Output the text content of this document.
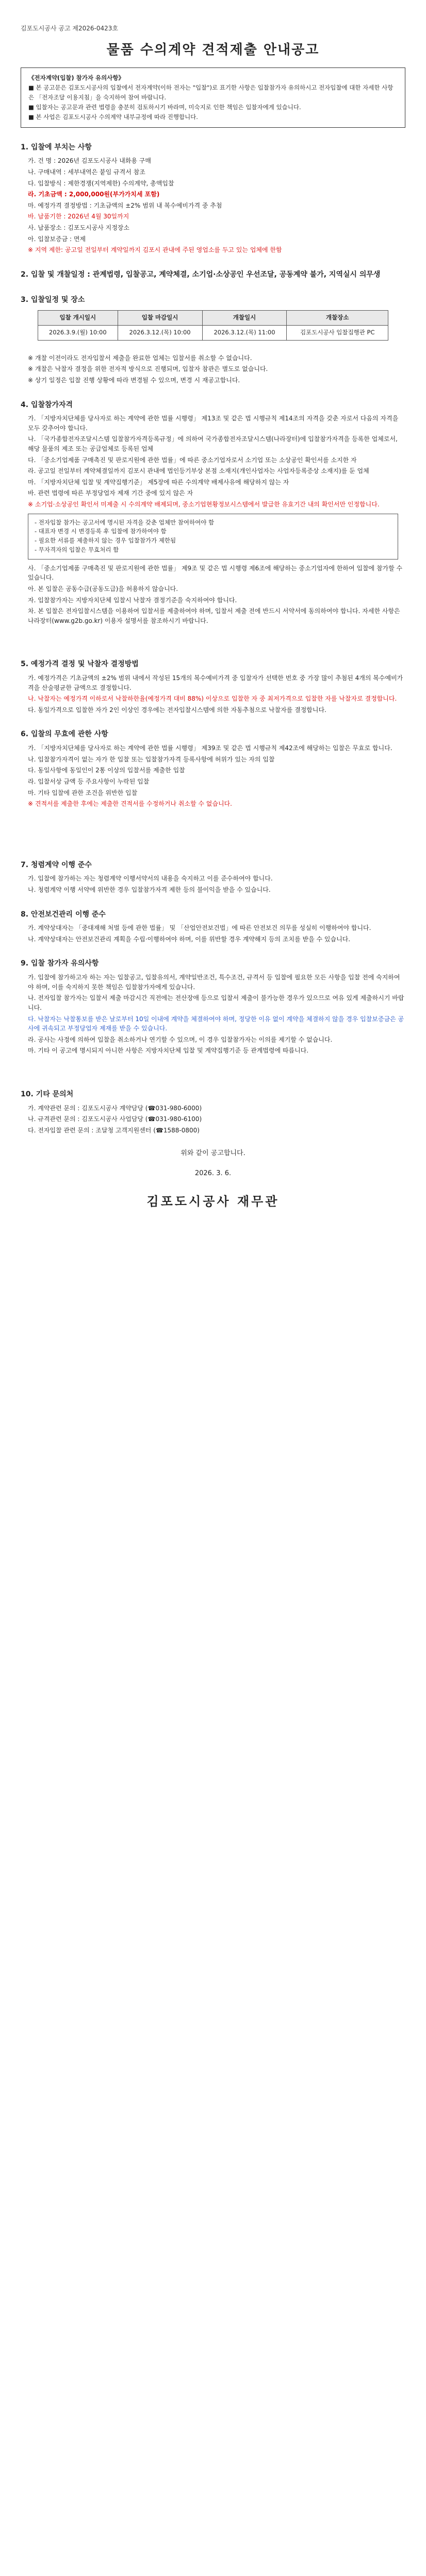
김포도시공사 공고 제2026-0423호
물품 수의계약 견적제출 안내공고
《전자계약(입찰) 참가자 유의사항》
■ 본 공고문은 김포도시공사의 입찰에서 전자계약(이하 전자는 "입찰")로 표기한 사항은 입찰참가자 유의하시고 전자입찰에 대한 자세한 사항은 「전자조달 이용지침」을 숙지하여 참여 바랍니다.
■ 입찰자는 공고문과 관련 법령을 충분히 검토하시기 바라며, 미숙지로 인한 책임은 입찰자에게 있습니다.
■ 본 사업은 김포도시공사 수의계약 내부규정에 따라 진행합니다.
1. 입찰에 부치는 사항
가. 건 명 : 2026년 김포도시공사 내화용 구매
나. 구매내역 : 세부내역은 붙임 규격서 참조
다. 입찰방식 : 제한경쟁(지역제한) 수의계약, 총액입찰
라. 기초금액 : 2,000,000원(부가가치세 포함)
마. 예정가격 결정방법 : 기초금액의 ±2% 범위 내 복수예비가격 중 추첨
바. 납품기한 : 2026년 4월 30일까지
사. 납품장소 : 김포도시공사 지정장소
아. 입찰보증금 : 면제
※ 지역 제한: 공고일 전일부터 계약일까지 김포시 관내에 주된 영업소를 두고 있는 업체에 한함
2. 입찰 및 개찰일정 : 관계법령, 입찰공고, 계약체결, 소기업·소상공인 우선조달, 공동계약 불가, 지역실시 의무생
3. 입찰일정 및 장소
입찰 개시일시	입찰 마감일시	개찰일시	개찰장소
2026.3.9.(월) 10:00	2026.3.12.(목) 10:00	2026.3.12.(목) 11:00	김포도시공사 입찰집행관 PC
※ 개찰 이전이라도 전자입찰서 제출을 완료한 업체는 입찰서를 취소할 수 없습니다.
※ 개찰은 낙찰자 결정을 위한 전자적 방식으로 진행되며, 입찰자 참관은 별도로 없습니다.
※ 상기 일정은 입찰 진행 상황에 따라 변경될 수 있으며, 변경 시 재공고합니다.
4. 입찰참가자격
가. 「지방자치단체를 당사자로 하는 계약에 관한 법률 시행령」 제13조 및 같은 법 시행규칙 제14조의 자격을 갖춘 자로서 다음의 자격을 모두 갖추어야 합니다.
나. 「국가종합전자조달시스템 입찰참가자격등록규정」에 의하여 국가종합전자조달시스템(나라장터)에 입찰참가자격을 등록한 업체로서, 해당 물품의 제조 또는 공급업체로 등록된 업체
다. 「중소기업제품 구매촉진 및 판로지원에 관한 법률」에 따른 중소기업자로서 소기업 또는 소상공인 확인서를 소지한 자
라. 공고일 전일부터 계약체결일까지 김포시 관내에 법인등기부상 본점 소재지(개인사업자는 사업자등록증상 소재지)를 둔 업체
마. 「지방자치단체 입찰 및 계약집행기준」 제5장에 따른 수의계약 배제사유에 해당하지 않는 자
바. 관련 법령에 따른 부정당업자 제재 기간 중에 있지 않은 자
※ 소기업·소상공인 확인서 미제출 시 수의계약 배제되며, 중소기업현황정보시스템에서 발급한 유효기간 내의 확인서만 인정합니다.
- 전자입찰 참가는 공고서에 명시된 자격을 갖춘 업체만 참여하여야 함
- 대표자 변경 시 변경등록 후 입찰에 참가하여야 함
- 필요한 서류를 제출하지 않는 경우 입찰참가가 제한됨
- 무자격자의 입찰은 무효처리 함
사. 「중소기업제품 구매촉진 및 판로지원에 관한 법률」 제9조 및 같은 법 시행령 제6조에 해당하는 중소기업자에 한하여 입찰에 참가할 수 있습니다.
아. 본 입찰은 공동수급(공동도급)을 허용하지 않습니다.
자. 입찰참가자는 지방자치단체 입찰시 낙찰자 결정기준을 숙지하여야 합니다.
차. 본 입찰은 전자입찰시스템을 이용하여 입찰서를 제출하여야 하며, 입찰서 제출 전에 반드시 서약서에 동의하여야 합니다. 자세한 사항은 나라장터(www.g2b.go.kr) 이용자 설명서를 참조하시기 바랍니다.
5. 예정가격 결정 및 낙찰자 결정방법
가. 예정가격은 기초금액의 ±2% 범위 내에서 작성된 15개의 복수예비가격 중 입찰자가 선택한 번호 중 가장 많이 추첨된 4개의 복수예비가격을 산술평균한 금액으로 결정합니다.
나. 낙찰자는 예정가격 이하로서 낙찰하한율(예정가격 대비 88%) 이상으로 입찰한 자 중 최저가격으로 입찰한 자를 낙찰자로 결정합니다.
다. 동일가격으로 입찰한 자가 2인 이상인 경우에는 전자입찰시스템에 의한 자동추첨으로 낙찰자를 결정합니다.
6. 입찰의 무효에 관한 사항
가. 「지방자치단체를 당사자로 하는 계약에 관한 법률 시행령」 제39조 및 같은 법 시행규칙 제42조에 해당하는 입찰은 무효로 합니다.
나. 입찰참가자격이 없는 자가 한 입찰 또는 입찰참가자격 등록사항에 허위가 있는 자의 입찰
다. 동일사항에 동일인이 2통 이상의 입찰서를 제출한 입찰
라. 입찰서상 금액 등 주요사항이 누락된 입찰
마. 기타 입찰에 관한 조건을 위반한 입찰
※ 견적서를 제출한 후에는 제출한 견적서를 수정하거나 취소할 수 없습니다.
7. 청렴계약 이행 준수
가. 입찰에 참가하는 자는 청렴계약 이행서약서의 내용을 숙지하고 이를 준수하여야 합니다.
나. 청렴계약 이행 서약에 위반한 경우 입찰참가자격 제한 등의 불이익을 받을 수 있습니다.
8. 안전보건관리 이행 준수
가. 계약상대자는 「중대재해 처벌 등에 관한 법률」 및 「산업안전보건법」에 따른 안전보건 의무를 성실히 이행하여야 합니다.
나. 계약상대자는 안전보건관리 계획을 수립·이행하여야 하며, 이를 위반할 경우 계약해지 등의 조치를 받을 수 있습니다.
9. 입찰 참가자 유의사항
가. 입찰에 참가하고자 하는 자는 입찰공고, 입찰유의서, 계약일반조건, 특수조건, 규격서 등 입찰에 필요한 모든 사항을 입찰 전에 숙지하여야 하며, 이를 숙지하지 못한 책임은 입찰참가자에게 있습니다.
나. 전자입찰 참가자는 입찰서 제출 마감시간 직전에는 전산장애 등으로 입찰서 제출이 불가능한 경우가 있으므로 여유 있게 제출하시기 바랍니다.
다. 낙찰자는 낙찰통보를 받은 날로부터 10일 이내에 계약을 체결하여야 하며, 정당한 이유 없이 계약을 체결하지 않을 경우 입찰보증금은 공사에 귀속되고 부정당업자 제재를 받을 수 있습니다.
라. 공사는 사정에 의하여 입찰을 취소하거나 연기할 수 있으며, 이 경우 입찰참가자는 이의를 제기할 수 없습니다.
마. 기타 이 공고에 명시되지 아니한 사항은 지방자치단체 입찰 및 계약집행기준 등 관계법령에 따릅니다.
10. 기타 문의처
가. 계약관련 문의 : 김포도시공사 계약담당 (☎031-980-6000)
나. 규격관련 문의 : 김포도시공사 사업담당 (☎031-980-6100)
다. 전자입찰 관련 문의 : 조달청 고객지원센터 (☎1588-0800)
위와 같이 공고합니다.
2026. 3. 6.
김포도시공사 재무관
